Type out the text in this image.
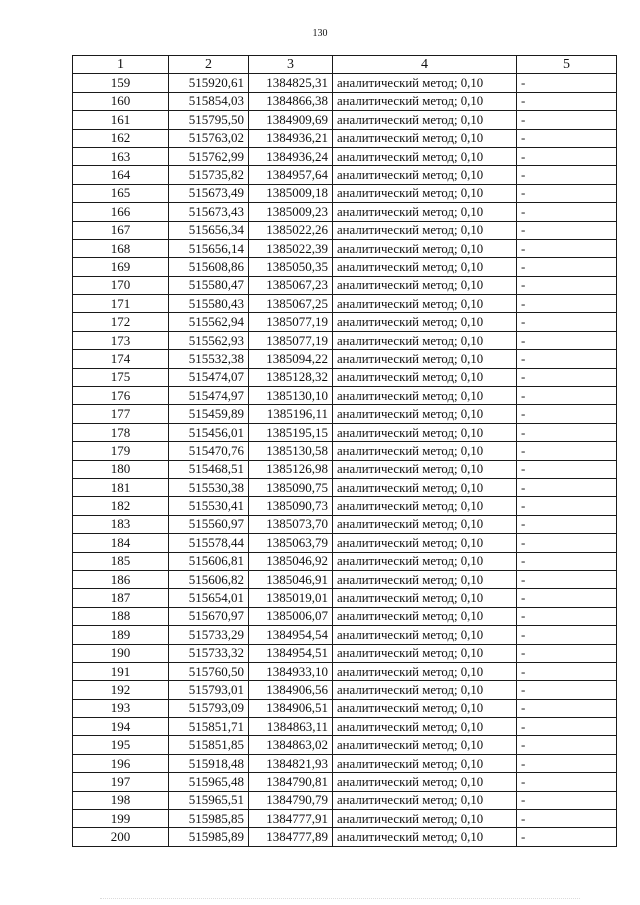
130
1	2	3	4	5
159	515920,61	1384825,31	аналитический метод; 0,10	-
160	515854,03	1384866,38	аналитический метод; 0,10	-
161	515795,50	1384909,69	аналитический метод; 0,10	-
162	515763,02	1384936,21	аналитический метод; 0,10	-
163	515762,99	1384936,24	аналитический метод; 0,10	-
164	515735,82	1384957,64	аналитический метод; 0,10	-
165	515673,49	1385009,18	аналитический метод; 0,10	-
166	515673,43	1385009,23	аналитический метод; 0,10	-
167	515656,34	1385022,26	аналитический метод; 0,10	-
168	515656,14	1385022,39	аналитический метод; 0,10	-
169	515608,86	1385050,35	аналитический метод; 0,10	-
170	515580,47	1385067,23	аналитический метод; 0,10	-
171	515580,43	1385067,25	аналитический метод; 0,10	-
172	515562,94	1385077,19	аналитический метод; 0,10	-
173	515562,93	1385077,19	аналитический метод; 0,10	-
174	515532,38	1385094,22	аналитический метод; 0,10	-
175	515474,07	1385128,32	аналитический метод; 0,10	-
176	515474,97	1385130,10	аналитический метод; 0,10	-
177	515459,89	1385196,11	аналитический метод; 0,10	-
178	515456,01	1385195,15	аналитический метод; 0,10	-
179	515470,76	1385130,58	аналитический метод; 0,10	-
180	515468,51	1385126,98	аналитический метод; 0,10	-
181	515530,38	1385090,75	аналитический метод; 0,10	-
182	515530,41	1385090,73	аналитический метод; 0,10	-
183	515560,97	1385073,70	аналитический метод; 0,10	-
184	515578,44	1385063,79	аналитический метод; 0,10	-
185	515606,81	1385046,92	аналитический метод; 0,10	-
186	515606,82	1385046,91	аналитический метод; 0,10	-
187	515654,01	1385019,01	аналитический метод; 0,10	-
188	515670,97	1385006,07	аналитический метод; 0,10	-
189	515733,29	1384954,54	аналитический метод; 0,10	-
190	515733,32	1384954,51	аналитический метод; 0,10	-
191	515760,50	1384933,10	аналитический метод; 0,10	-
192	515793,01	1384906,56	аналитический метод; 0,10	-
193	515793,09	1384906,51	аналитический метод; 0,10	-
194	515851,71	1384863,11	аналитический метод; 0,10	-
195	515851,85	1384863,02	аналитический метод; 0,10	-
196	515918,48	1384821,93	аналитический метод; 0,10	-
197	515965,48	1384790,81	аналитический метод; 0,10	-
198	515965,51	1384790,79	аналитический метод; 0,10	-
199	515985,85	1384777,91	аналитический метод; 0,10	-
200	515985,89	1384777,89	аналитический метод; 0,10	-
